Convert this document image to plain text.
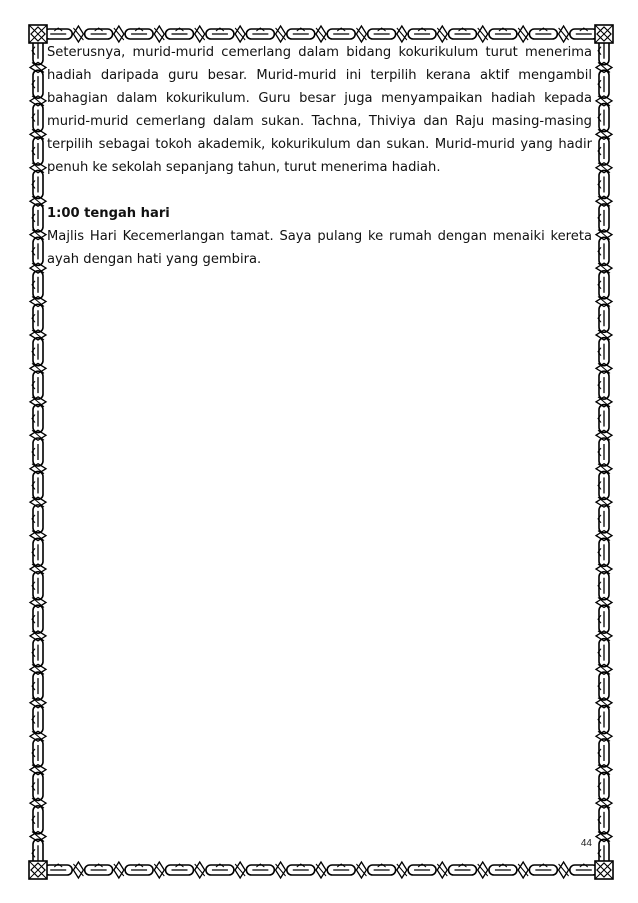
Seterusnya, murid-murid cemerlang dalam bidang kokurikulum turut menerima hadiah daripada guru besar. Murid-murid ini terpilih kerana aktif mengambil bahagian dalam kokurikulum. Guru besar juga menyampaikan hadiah kepada murid-murid cemerlang dalam sukan. Tachna, Thiviya dan Raju masing-masing terpilih sebagai tokoh akademik, kokurikulum dan sukan. Murid-murid yang hadir penuh ke sekolah sepanjang tahun, turut menerima hadiah.

1:00 tengah hari

Majlis Hari Kecemerlangan tamat. Saya pulang ke rumah dengan menaiki kereta ayah dengan hati yang gembira.

44
